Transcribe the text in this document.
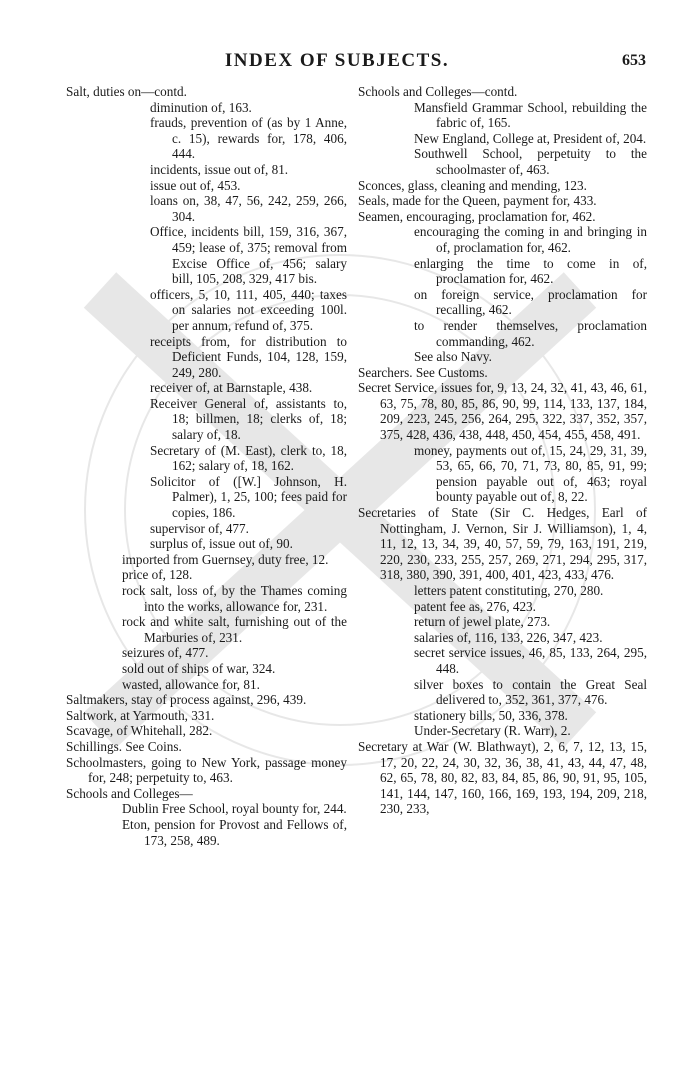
INDEX OF SUBJECTS.	653
Salt, duties on—contd.
diminution of, 163.
frauds, prevention of (as by 1 Anne, c. 15), rewards for, 178, 406, 444.
incidents, issue out of, 81.
issue out of, 453.
loans on, 38, 47, 56, 242, 259, 266, 304.
Office, incidents bill, 159, 316, 367, 459; lease of, 375; removal from Excise Office of, 456; salary bill, 105, 208, 329, 417 bis.
officers, 5, 10, 111, 405, 440; taxes on salaries not exceeding 100l. per annum, refund of, 375.
receipts from, for distribution to Deficient Funds, 104, 128, 159, 249, 280.
receiver of, at Barnstaple, 438.
Receiver General of, assistants to, 18; billmen, 18; clerks of, 18; salary of, 18.
Secretary of (M. East), clerk to, 18, 162; salary of, 18, 162.
Solicitor of ([W.] Johnson, H. Palmer), 1, 25, 100; fees paid for copies, 186.
supervisor of, 477.
surplus of, issue out of, 90.
imported from Guernsey, duty free, 12.
price of, 128.
rock salt, loss of, by the Thames coming into the works, allowance for, 231.
rock and white salt, furnishing out of the Marburies of, 231.
seizures of, 477.
sold out of ships of war, 324.
wasted, allowance for, 81.
Saltmakers, stay of process against, 296, 439.
Saltwork, at Yarmouth, 331.
Scavage, of Whitehall, 282.
Schillings. See Coins.
Schoolmasters, going to New York, passage money for, 248; perpetuity to, 463.
Schools and Colleges—
Dublin Free School, royal bounty for, 244.
Eton, pension for Provost and Fellows of, 173, 258, 489.
Schools and Colleges—contd.
Mansfield Grammar School, rebuilding the fabric of, 165.
New England, College at, President of, 204.
Southwell School, perpetuity to the schoolmaster of, 463.
Sconces, glass, cleaning and mending, 123.
Seals, made for the Queen, payment for, 433.
Seamen, encouraging, proclamation for, 462.
encouraging the coming in and bringing in of, proclamation for, 462.
enlarging the time to come in of, proclamation for, 462.
on foreign service, proclamation for recalling, 462.
to render themselves, proclamation commanding, 462.
See also Navy.
Searchers. See Customs.
Secret Service, issues for, 9, 13, 24, 32, 41, 43, 46, 61, 63, 75, 78, 80, 85, 86, 90, 99, 114, 133, 137, 184, 209, 223, 245, 256, 264, 295, 322, 337, 352, 357, 375, 428, 436, 438, 448, 450, 454, 455, 458, 491.
money, payments out of, 15, 24, 29, 31, 39, 53, 65, 66, 70, 71, 73, 80, 85, 91, 99; pension payable out of, 463; royal bounty payable out of, 8, 22.
Secretaries of State (Sir C. Hedges, Earl of Nottingham, J. Vernon, Sir J. Williamson), 1, 4, 11, 12, 13, 34, 39, 40, 57, 59, 79, 163, 191, 219, 220, 230, 233, 255, 257, 269, 271, 294, 295, 317, 318, 380, 390, 391, 400, 401, 423, 433, 476.
letters patent constituting, 270, 280.
patent fee as, 276, 423.
return of jewel plate, 273.
salaries of, 116, 133, 226, 347, 423.
secret service issues, 46, 85, 133, 264, 295, 448.
silver boxes to contain the Great Seal delivered to, 352, 361, 377, 476.
stationery bills, 50, 336, 378.
Under-Secretary (R. Warr), 2.
Secretary at War (W. Blathwayt), 2, 6, 7, 12, 13, 15, 17, 20, 22, 24, 30, 32, 36, 38, 41, 43, 44, 47, 48, 62, 65, 78, 80, 82, 83, 84, 85, 86, 90, 91, 95, 105, 141, 144, 147, 160, 166, 169, 193, 194, 209, 218, 230, 233,
